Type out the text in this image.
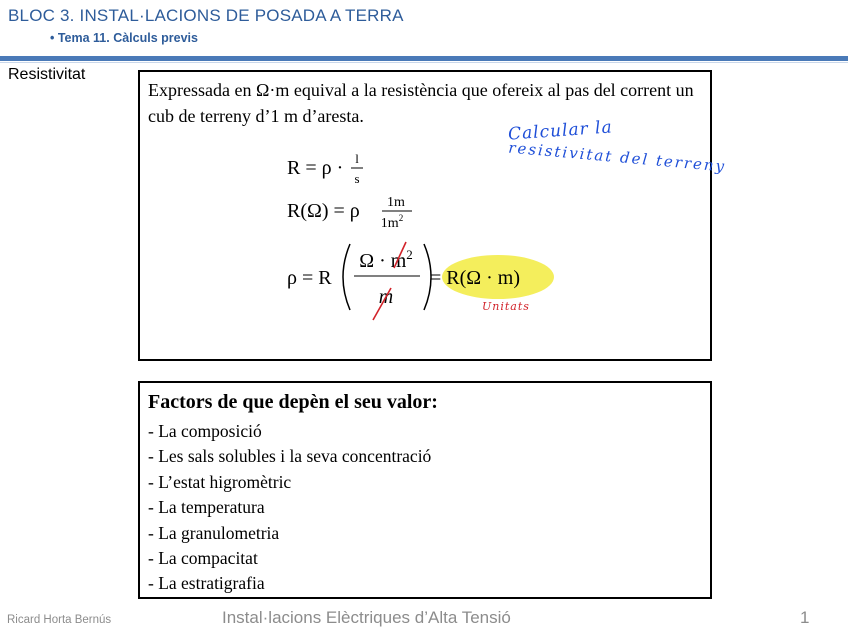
BLOC 3. INSTAL·LACIONS DE POSADA A TERRA
• Tema 11. Càlculs previs
Resistivitat
Expressada en Ω·m equival a la resistència que ofereix al pas del corrent un cub de terreny d’1 m d’aresta.
R = ρ · l
s
R(Ω) = ρ 1m
$1m^2$
ρ = R
$\Omega \cdot m^2$
m
= R(Ω · m)
Calcular la
resistivitat del terreny
Unitats
Factors de que depèn el seu valor:
- La composició
- Les sals solubles i la seva concentració
- L’estat higromètric
- La temperatura
- La granulometria
- La compacitat
- La estratigrafia
Ricard Horta Bernús	Instal·lacions Elèctriques d’Alta Tensió	1
